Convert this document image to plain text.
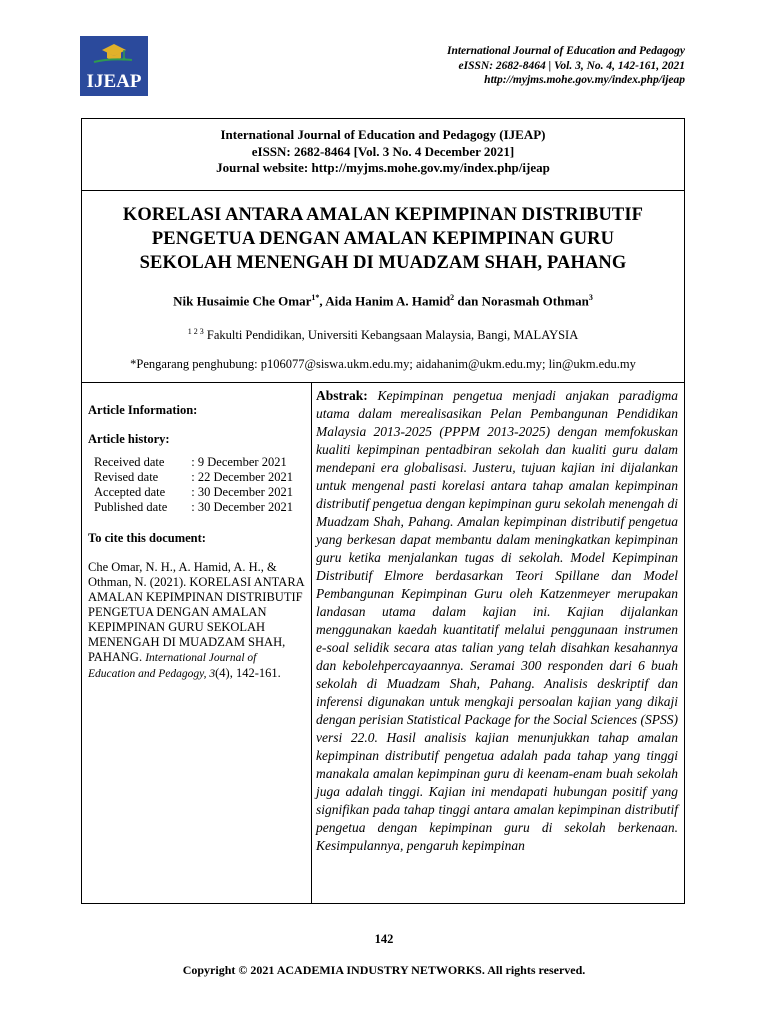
IJEAP
International Journal of Education and Pedagogy
eISSN: 2682-8464 | Vol. 3, No. 4, 142-161, 2021
http://myjms.mohe.gov.my/index.php/ijeap
International Journal of Education and Pedagogy (IJEAP)
eISSN: 2682-8464 [Vol. 3 No. 4 December 2021]
Journal website: http://myjms.mohe.gov.my/index.php/ijeap
KORELASI ANTARA AMALAN KEPIMPINAN DISTRIBUTIF
PENGETUA DENGAN AMALAN KEPIMPINAN GURU
SEKOLAH MENENGAH DI MUADZAM SHAH, PAHANG
Nik Husaimie Che Omar$^{1*}$, Aida Hanim A. Hamid$^2$ dan Norasmah Othman$^3$
$^{1 2 3}$ Fakulti Pendidikan, Universiti Kebangsaan Malaysia, Bangi, MALAYSIA
*Pengarang penghubung: p106077@siswa.ukm.edu.my; aidahanim@ukm.edu.my; lin@ukm.edu.my
Article Information:
Article history:
Received date	: 9 December 2021
Revised date	: 22 December 2021
Accepted date	: 30 December 2021
Published date	: 30 December 2021
To cite this document:
Che Omar, N. H., A. Hamid, A. H., & Othman, N. (2021). KORELASI ANTARA AMALAN KEPIMPINAN DISTRIBUTIF PENGETUA DENGAN AMALAN KEPIMPINAN GURU SEKOLAH MENENGAH DI MUADZAM SHAH, PAHANG. International Journal of Education and Pedagogy, 3(4), 142-161.
Abstrak: Kepimpinan pengetua menjadi anjakan paradigma utama dalam merealisasikan Pelan Pembangunan Pendidikan Malaysia 2013-2025 (PPPM 2013-2025) dengan memfokuskan kualiti kepimpinan pentadbiran sekolah dan kualiti guru dalam mendepani era globalisasi. Justeru, tujuan kajian ini dijalankan untuk mengenal pasti korelasi antara tahap amalan kepimpinan distributif pengetua dengan kepimpinan guru sekolah menengah di Muadzam Shah, Pahang. Amalan kepimpinan distributif pengetua yang berkesan dapat membantu dalam meningkatkan kepimpinan guru ketika menjalankan tugas di sekolah. Model Kepimpinan Distributif Elmore berdasarkan Teori Spillane dan Model Pembangunan Kepimpinan Guru oleh Katzenmeyer merupakan landasan utama dalam kajian ini. Kajian dijalankan menggunakan kaedah kuantitatif melalui penggunaan instrumen e-soal selidik secara atas talian yang telah disahkan kesahannya dan kebolehpercayaannya. Seramai 300 responden dari 6 buah sekolah di Muadzam Shah, Pahang. Analisis deskriptif dan inferensi digunakan untuk mengkaji persoalan kajian yang dikaji dengan perisian Statistical Package for the Social Sciences (SPSS) versi 22.0. Hasil analisis kajian menunjukkan tahap amalan kepimpinan distributif pengetua adalah pada tahap yang tinggi manakala amalan kepimpinan guru di keenam-enam buah sekolah juga adalah tinggi. Kajian ini mendapati hubungan positif yang signifikan pada tahap tinggi antara amalan kepimpinan distributif pengetua dengan kepimpinan guru di sekolah berkenaan. Kesimpulannya, pengaruh kepimpinan
142
Copyright © 2021 ACADEMIA INDUSTRY NETWORKS. All rights reserved.
